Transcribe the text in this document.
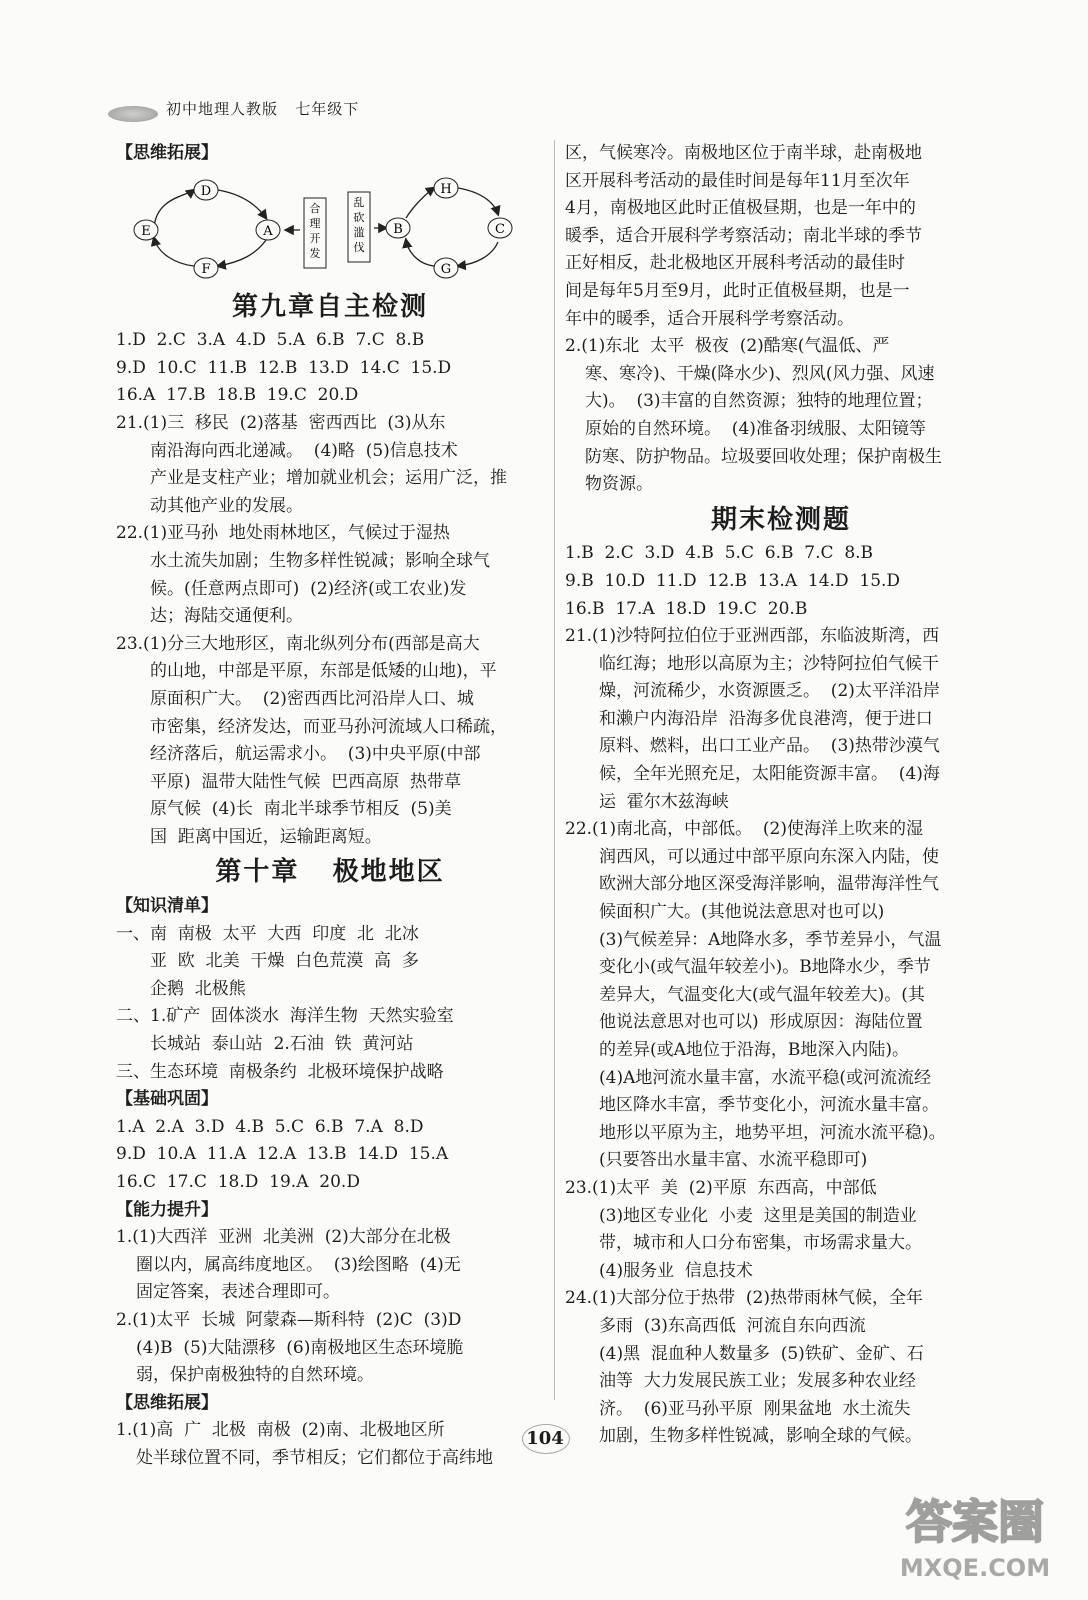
初中地理人教版   七年级下

【思维拓展】

D
E	A
F
合理开发
乱砍滥伐
H
B	C
G
第九章自主检测

1.D  2.C  3.A  4.D  5.A  6.B  7.C  8.B

9.D  10.C  11.B  12.B  13.D  14.C  15.D

16.A  17.B  18.B  19.C  20.D

21.(1)三  移民  (2)落基  密西西比  (3)从东

南沿海向西北递减。  (4)略  (5)信息技术

产业是支柱产业；增加就业机会；运用广泛，推

动其他产业的发展。

22.(1)亚马孙  地处雨林地区，气候过于湿热

水土流失加剧；生物多样性锐减；影响全球气

候。(任意两点即可)  (2)经济(或工农业)发

达；海陆交通便利。

23.(1)分三大地形区，南北纵列分布(西部是高大

的山地，中部是平原，东部是低矮的山地)，平

原面积广大。  (2)密西西比河沿岸人口、城

市密集，经济发达，而亚马孙河流域人口稀疏，

经济落后，航运需求小。  (3)中央平原(中部

平原)  温带大陆性气候  巴西高原  热带草

原气候  (4)长  南北半球季节相反  (5)美

国  距离中国近，运输距离短。

第十章   极地地区

【知识清单】

一、南  南极  太平  大西  印度  北  北冰

亚  欧  北美  干燥  白色荒漠  高  多

企鹅  北极熊

二、1.矿产  固体淡水  海洋生物  天然实验室

长城站  泰山站  2.石油  铁  黄河站

三、生态环境  南极条约  北极环境保护战略

【基础巩固】

1.A  2.A  3.D  4.B  5.C  6.B  7.A  8.D

9.D  10.A  11.A  12.A  13.B  14.D  15.A

16.C  17.C  18.D  19.A  20.D

【能力提升】

1.(1)大西洋  亚洲  北美洲  (2)大部分在北极

圈以内，属高纬度地区。  (3)绘图略  (4)无

固定答案，表述合理即可。

2.(1)太平  长城  阿蒙森—斯科特  (2)C  (3)D

(4)B  (5)大陆漂移  (6)南极地区生态环境脆

弱，保护南极独特的自然环境。

【思维拓展】

1.(1)高  广  北极  南极  (2)南、北极地区所

处半球位置不同，季节相反；它们都位于高纬地

区，气候寒冷。南极地区位于南半球，赴南极地

区开展科考活动的最佳时间是每年11月至次年

4月，南极地区此时正值极昼期，也是一年中的

暖季，适合开展科学考察活动；南北半球的季节

正好相反，赴北极地区开展科考活动的最佳时

间是每年5月至9月，此时正值极昼期，也是一

年中的暖季，适合开展科学考察活动。

2.(1)东北  太平  极夜  (2)酷寒(气温低、严

寒、寒冷)、干燥(降水少)、烈风(风力强、风速

大)。  (3)丰富的自然资源；独特的地理位置；

原始的自然环境。  (4)准备羽绒服、太阳镜等

防寒、防护物品。垃圾要回收处理；保护南极生

物资源。

期末检测题

1.B  2.C  3.D  4.B  5.C  6.B  7.C  8.B

9.B  10.D  11.D  12.B  13.A  14.D  15.D

16.B  17.A  18.D  19.C  20.B

21.(1)沙特阿拉伯位于亚洲西部，东临波斯湾，西

临红海；地形以高原为主；沙特阿拉伯气候干

燥，河流稀少，水资源匮乏。  (2)太平洋沿岸

和濑户内海沿岸  沿海多优良港湾，便于进口

原料、燃料，出口工业产品。  (3)热带沙漠气

候，全年光照充足，太阳能资源丰富。  (4)海

运  霍尔木兹海峡

22.(1)南北高，中部低。  (2)使海洋上吹来的湿

润西风，可以通过中部平原向东深入内陆，使

欧洲大部分地区深受海洋影响，温带海洋性气

候面积广大。(其他说法意思对也可以)

(3)气候差异：A地降水多，季节差异小，气温

变化小(或气温年较差小)。B地降水少，季节

差异大，气温变化大(或气温年较差大)。(其

他说法意思对也可以)  形成原因：海陆位置

的差异(或A地位于沿海，B地深入内陆)。

(4)A地河流水量丰富，水流平稳(或河流流经

地区降水丰富，季节变化小，河流水量丰富。

地形以平原为主，地势平坦，河流水流平稳)。

(只要答出水量丰富、水流平稳即可)

23.(1)太平  美  (2)平原  东西高，中部低

(3)地区专业化  小麦  这里是美国的制造业

带，城市和人口分布密集，市场需求量大。

(4)服务业  信息技术

24.(1)大部分位于热带  (2)热带雨林气候，全年

多雨  (3)东高西低  河流自东向西流

(4)黑  混血种人数量多  (5)铁矿、金矿、石

油等  大力发展民族工业；发展多种农业经

济。  (6)亚马孙平原  刚果盆地  水土流失

加剧，生物多样性锐减，影响全球的气候。

104
答案圈
MXQE.COM
